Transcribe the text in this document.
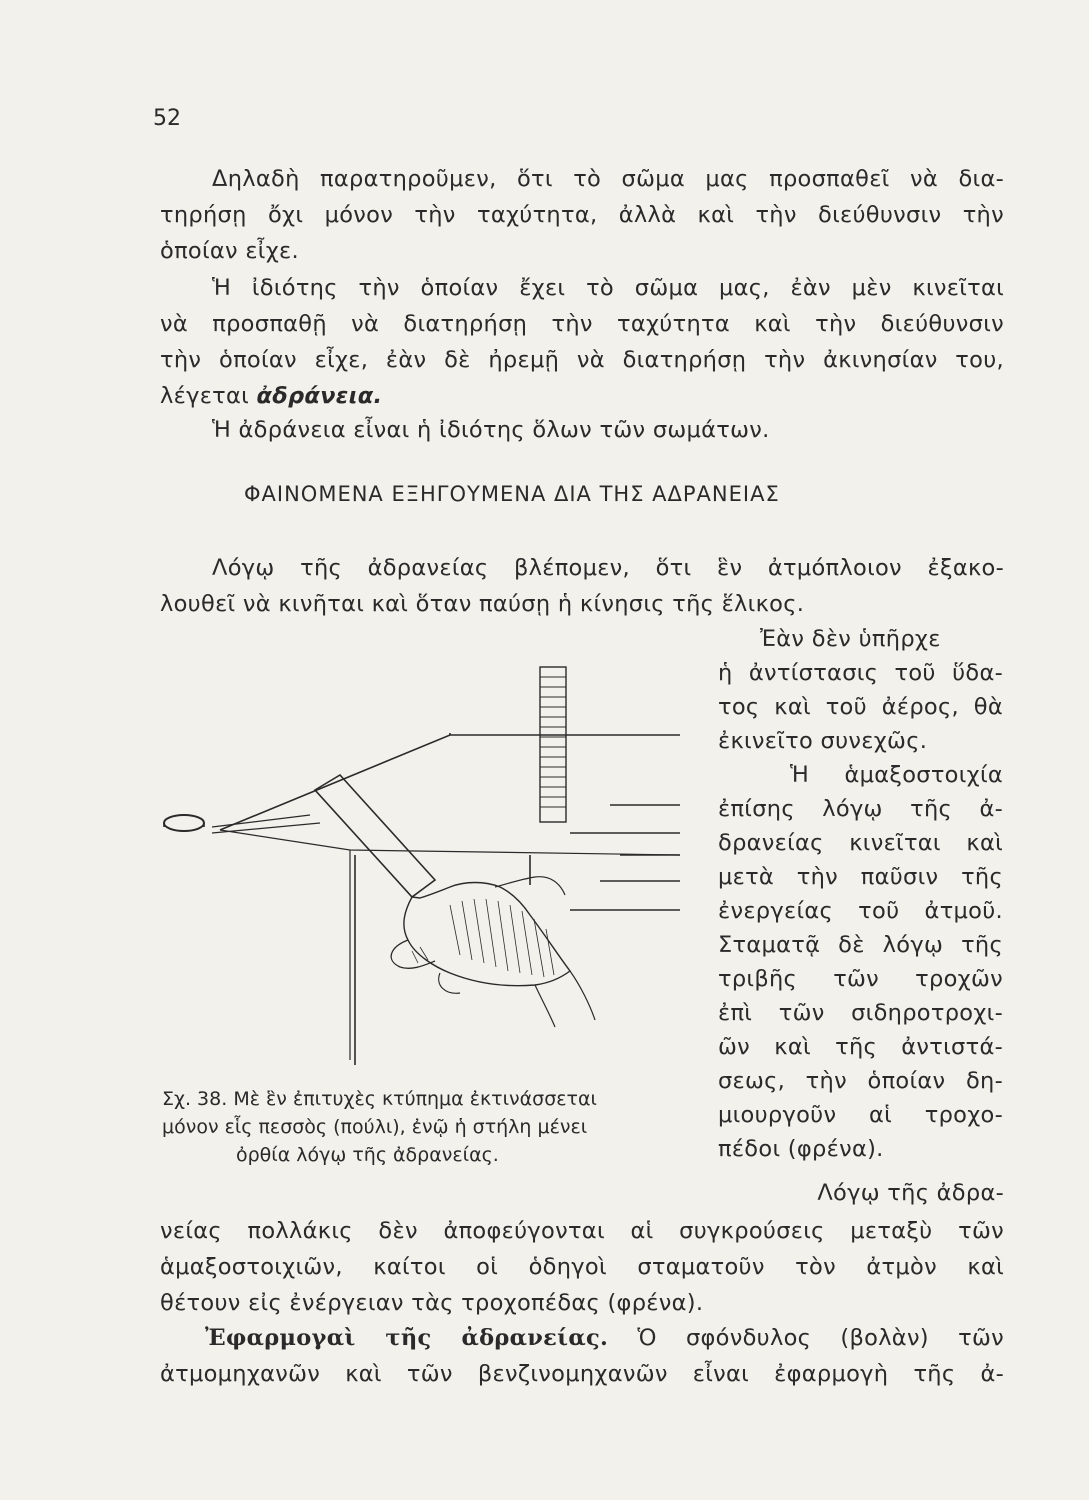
52
Δηλαδὴ παρατηροῦμεν, ὅτι τὸ σῶμα μας προσπαθεῖ νὰ δια-
τηρήσῃ ὄχι μόνον τὴν ταχύτητα, ἀλλὰ καὶ τὴν διεύθυνσιν τὴν
ὁποίαν εἶχε.
Ἡ ἰδιότης τὴν ὁποίαν ἔχει τὸ σῶμα μας, ἐὰν μὲν κινεῖται
νὰ προσπαθῇ νὰ διατηρήσῃ τὴν ταχύτητα καὶ τὴν διεύθυνσιν
τὴν ὁποίαν εἶχε, ἐὰν δὲ ἠρεμῇ νὰ διατηρήσῃ τὴν ἀκινησίαν του,
λέγεται ἀδράνεια.
Ἡ ἀδράνεια εἶναι ἡ ἰδιότης ὅλων τῶν σωμάτων.
ΦΑΙΝΟΜΕΝΑ ΕΞΗΓΟΥΜΕΝΑ ΔΙΑ ΤΗΣ ΑΔΡΑΝΕΙΑΣ
Λόγῳ τῆς ἀδρανείας βλέπομεν, ὅτι ἓν ἀτμόπλοιον ἐξακο-
λουθεῖ νὰ κινῆται καὶ ὅταν παύσῃ ἡ κίνησις τῆς ἕλικος.
Ἐὰν δὲν ὑπῆρχε
ἡ ἀντίστασις τοῦ ὕδα-
τος καὶ τοῦ ἀέρος, θὰ
ἐκινεῖτο συνεχῶς.
Ἡ ἁμαξοστοιχία
ἐπίσης λόγῳ τῆς ἀ-
δρανείας κινεῖται καὶ
μετὰ τὴν παῦσιν τῆς
ἐνεργείας τοῦ ἀτμοῦ.
Σταματᾷ δὲ λόγῳ τῆς
τριβῆς τῶν τροχῶν
ἐπὶ τῶν σιδηροτροχι-
ῶν καὶ τῆς ἀντιστά-
σεως, τὴν ὁποίαν δη-
μιουργοῦν αἱ τροχο-
πέδοι (φρένα).
Σχ. 38. Μὲ ἓν ἐπιτυχὲς κτύπημα ἐκτινάσσεται
μόνον εἷς πεσσὸς (πούλι), ἐνῷ ἡ στήλη μένει
ὀρθία λόγῳ τῆς ἀδρανείας.
Λόγῳ τῆς ἀδρα-
νείας πολλάκις δὲν ἀποφεύγονται αἱ συγκρούσεις μεταξὺ τῶν
ἁμαξοστοιχιῶν, καίτοι οἱ ὁδηγοὶ σταματοῦν τὸν ἀτμὸν καὶ
θέτουν εἰς ἐνέργειαν τὰς τροχοπέδας (φρένα).
Ἐφαρμογαὶ τῆς ἀδρανείας. Ὁ σφόνδυλος (βολὰν) τῶν
ἀτμομηχανῶν καὶ τῶν βενζινομηχανῶν εἶναι ἐφαρμογὴ τῆς ἀ-
